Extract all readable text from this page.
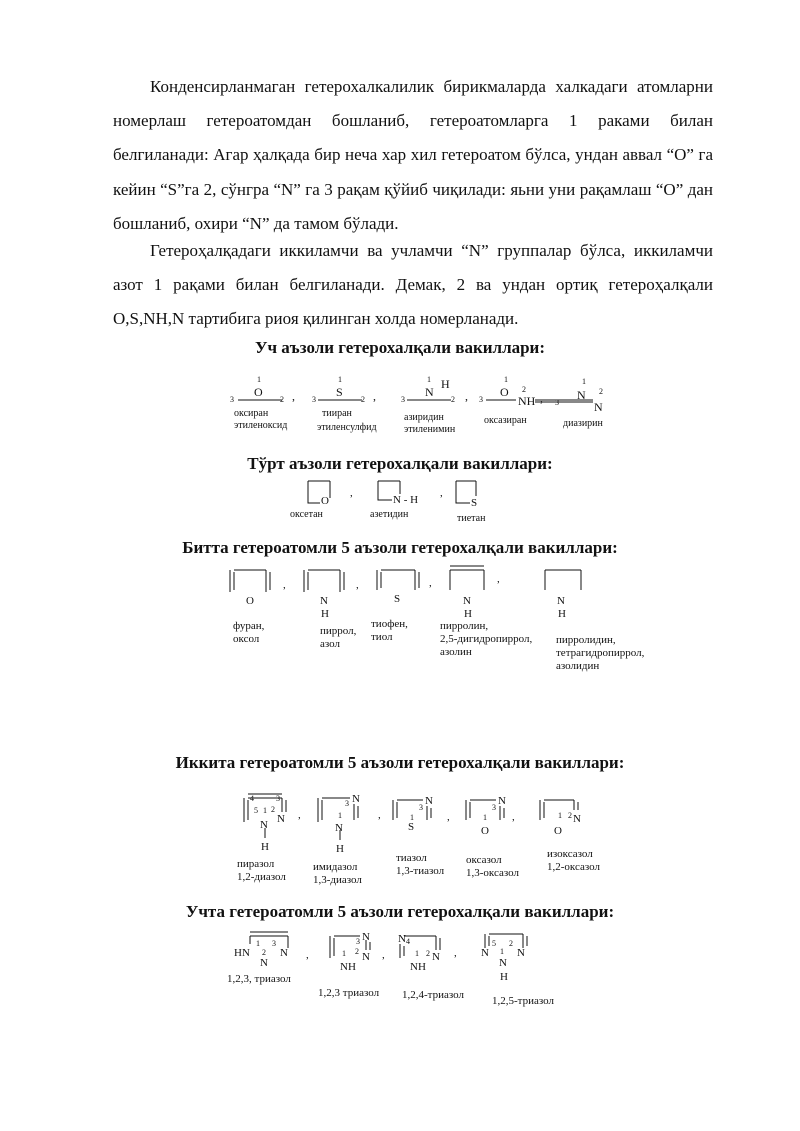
Конденсирланмаган гетерохалкалилик бирикмаларда халкадаги атомларни номерлаш гетероатомдан бошланиб, гетероатомларга 1 раками билан белгиланади: Агар ҳалқада бир неча хар хил гетероатом бўлса, ундан аввал “О” га кейин “S”га 2, сўнгра “N” га 3 рақам қўйиб чиқилади: яьни уни рақамлаш “О” дан бошланиб, охири “N” да тамом бўлади.

Гетероҳалқадаги иккиламчи ва учламчи “N” группалар бўлса, иккиламчи азот 1 рақами билан белгиланади. Демак, 2 ва ундан ортиқ гетероҳалқали O,S,NH,N тартибига риоя қилинган холда номерланади.

Уч аъзоли гетерохалқали вакиллари:

O
1
3	2 ,	S
1
3	2 ,	N
H
1
3	2 ,	O
1
2
3	NH ,	N
N
1
2
3
оксиран
этиленоксид
тииран
этиленсулфид
азиридин
этиленимин
оксазиран	диазирин

Тўрт аъзоли гетерохалқали вакиллари:

O
,
N - H
,
S
оксетан	азетидин	тиетан

Битта гетероатомли 5 аъзоли гетерохалқали вакиллари:

O
,
N
H
,
S
,
N
H
,
N
H
фуран,
оксол
пиррол,
азол
тиофен,
тиол
пирролин,
2,5-дигидропиррол,
азолин
пирролидин,
тетрагидропиррол,
азолидин

Иккита гетероатомли 5 аъзоли гетерохалқали вакиллари:

4	3
5 1 2
N
N
H
,
N
3
1
N
H
,
N
3
1
S
,
N
3
1
O
,	1 2 N
O
пиразол
1,2-диазол
имидазол
1,3-диазол
тиазол
1,3-тиазол
оксазол
1,3-оксазол
изоксазол
1,2-оксазол

Учта гетероатомли 5 аъзоли гетерохалқали вакиллари:

HN
1
2
3
N
N
,
N
3
2 N
1
NH
,
N 4
1 2 N
NH
, N
5
1
2
N
N
H
1,2,3, триазол
1,2,3 триазол 1,2,4-триазол	1,2,5-триазол
